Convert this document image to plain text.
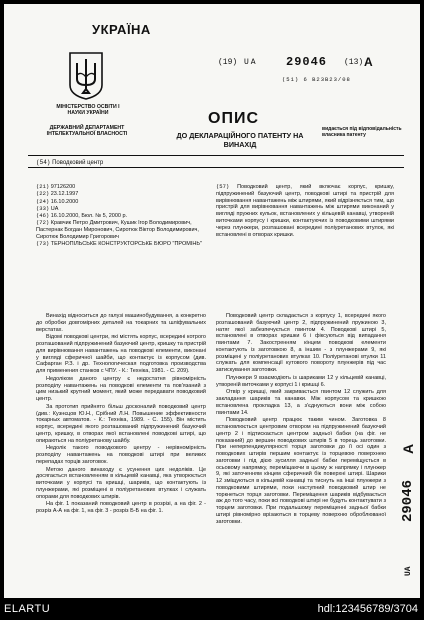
УКРАЇНА
МІНІСТЕРСТВО ОСВІТИ І НАУКИ УКРАЇНИ
ДЕРЖАВНИЙ ДЕПАРТАМЕНТ ІНТЕЛЕКТУАЛЬНОЇ ВЛАСНОСТІ
(19) UA 29046 (13) A
(51) 6 B23B23/08
ОПИС
ДО ДЕКЛАРАЦІЙНОГО ПАТЕНТУ НА ВИНАХІД
видається під відповідальність власника патенту
(54) Поводковий центр
(21) 97126200
(22) 23.12.1997
(24) 16.10.2000
(33) UA
(46) 16.10.2000, Бюл. № 5, 2000 р.
(72) Кравчик Петро Дмитрович, Кушик Ігор Володимирович, Пастернак Богдан Миронович, Сиротюк Віктор Володимирович, Сиротюк Володимир Григорович
(73) ТЕРНОПІЛЬСЬКЕ КОНСТРУКТОРСЬКЕ БЮРО "ПРОМІНЬ"
(57) Поводковий центр, який включає корпус, кришку, підпружинений базуючий центр, поводкові штирі та пристрій для вирівнювання навантажень між штирями, який відрізняється тим, що пристрій для вирівнювання навантажень між штирями виконаний у вигляді пружних кульок, встановлених у кільцевій канавці, утвореній виточками корпусу і кришки, контактуючих із поводковими штирями через плунжери, розташовані всередині поліуретанових втулок, які встановлені в отворах кришки.

Винахід відноситься до галузі машинобудування, а конкретно до обробки довгомірних деталей на токарних та шліфувальних верстатах.

Відомі поводкові центри, які містять корпус, всередині котрого розташований підпружинений базуючий центр, кришку та пристрій для вирівнювання навантажень на поводкові елементи, виконані у вигляді сферичної шайби, що контактує із корпусом (див. Сафарган Р.З. і др. Технологическая подготовка производства для применения станков с ЧПУ. - К.: Техніка, 1981. - С. 209).

Недоліком даного центру є недостатня рівномірність розподілу навантажень на поводкові елементи та пов'язаний з цим низький крутний момент, який може передавати поводковий центр.

За прототип прийнято більш досконалий поводковий центр (див.: Кузнєцов Ю.Н., Срібний Л.Н. Повышение эффективности токарных автоматов. - К.: Техніка, 1989. - С. 155). Він містить корпус, всередині якого розташований підпружинений базуючий центр, кришку, в отворах якої встановлені поводкові штирі, що опираються на поліуретанову шайбу.

Недолік такого поводкового центру - нерівномірність розподілу навантажень на поводкові штирі при великих перепадах торців заготовок.

Метою даного винаходу є усунення цих недоліків. Це досягається встановленням в кільцевій канавці, яка утворюється виточками у корпусі та кришці, шариків, що контактують із плунжерами, які розміщені в поліуретанових втулках і служать опорами для поводкових штирів.

На фіг. 1 показаний поводковий центр в розрізі, а на фіг. 2 - розріз А-А на фіг. 1, на фіг. 3 - розріз Б-Б на фіг. 1.

Поводковий центр складається з корпусу 1, всередині якого розташований базуючий центр 2, підпружинений пружиною 3, натяг якої забезпечується гвинтом 4. Поводкові штирі 5, встановлені в отворах кришки 6 і фіксуються від випадання гвинтами 7. Закостренням кінцем поводкові елементи контактують із заготовкою 8, а іншим - з плунжерами 9, які розміщені у поліуретанових втулках 10. Поліуретанові втулки 11 служать для компенсації кутового повороту плунжерів під час затискування заготовки.

Плунжери 9 взаємодіють із шариками 12 у кільцевій канавці, утвореній виточками у корпусі 1 і кришці 6.

Отвір у кришці, який закривається гвинтом 12 служить для закладання шариків та канавки. Між корпусом та кришкою встановлена прокладка 13, а з'єднуються вони між собою гвинтами 14.

Поводковий центр працює таким чином. Заготовка 8 встановлюється центровим отвором на підпружинений базуючий центр 2 і підтискається центром задньої бабки (на фіг. не показаний) до вершин поводкових штирів 5 в торець заготовки. При неперпендикулярності торця заготовки до її осі один з поводкових штирів першим контактує із торцевою поверхнею заготовки і під дією зусилля задньої бабки переміщується в осьовому напрямку, переміщаючи в цьому ж напрямку і плунжер 9, які заточенням кінцем сферичний бік поверхні штирі. Шарики 12 зміщуються в кільцевій канавці та тиснуть на інші плунжери з поводковими штирями, поки наступний поводковий штир не торкнеться торця заготовки. Переміщення шариків відбувається аж до того часу, поки всі поводкові штирі не будуть контактувати з торцем заготовки. При подальшому переміщенні задньої бабки штирі рівномірно врізаються в торцеву поверхню оброблюваної заготовки.

UA
29046
A
ELARTU	hdl:123456789/3704
